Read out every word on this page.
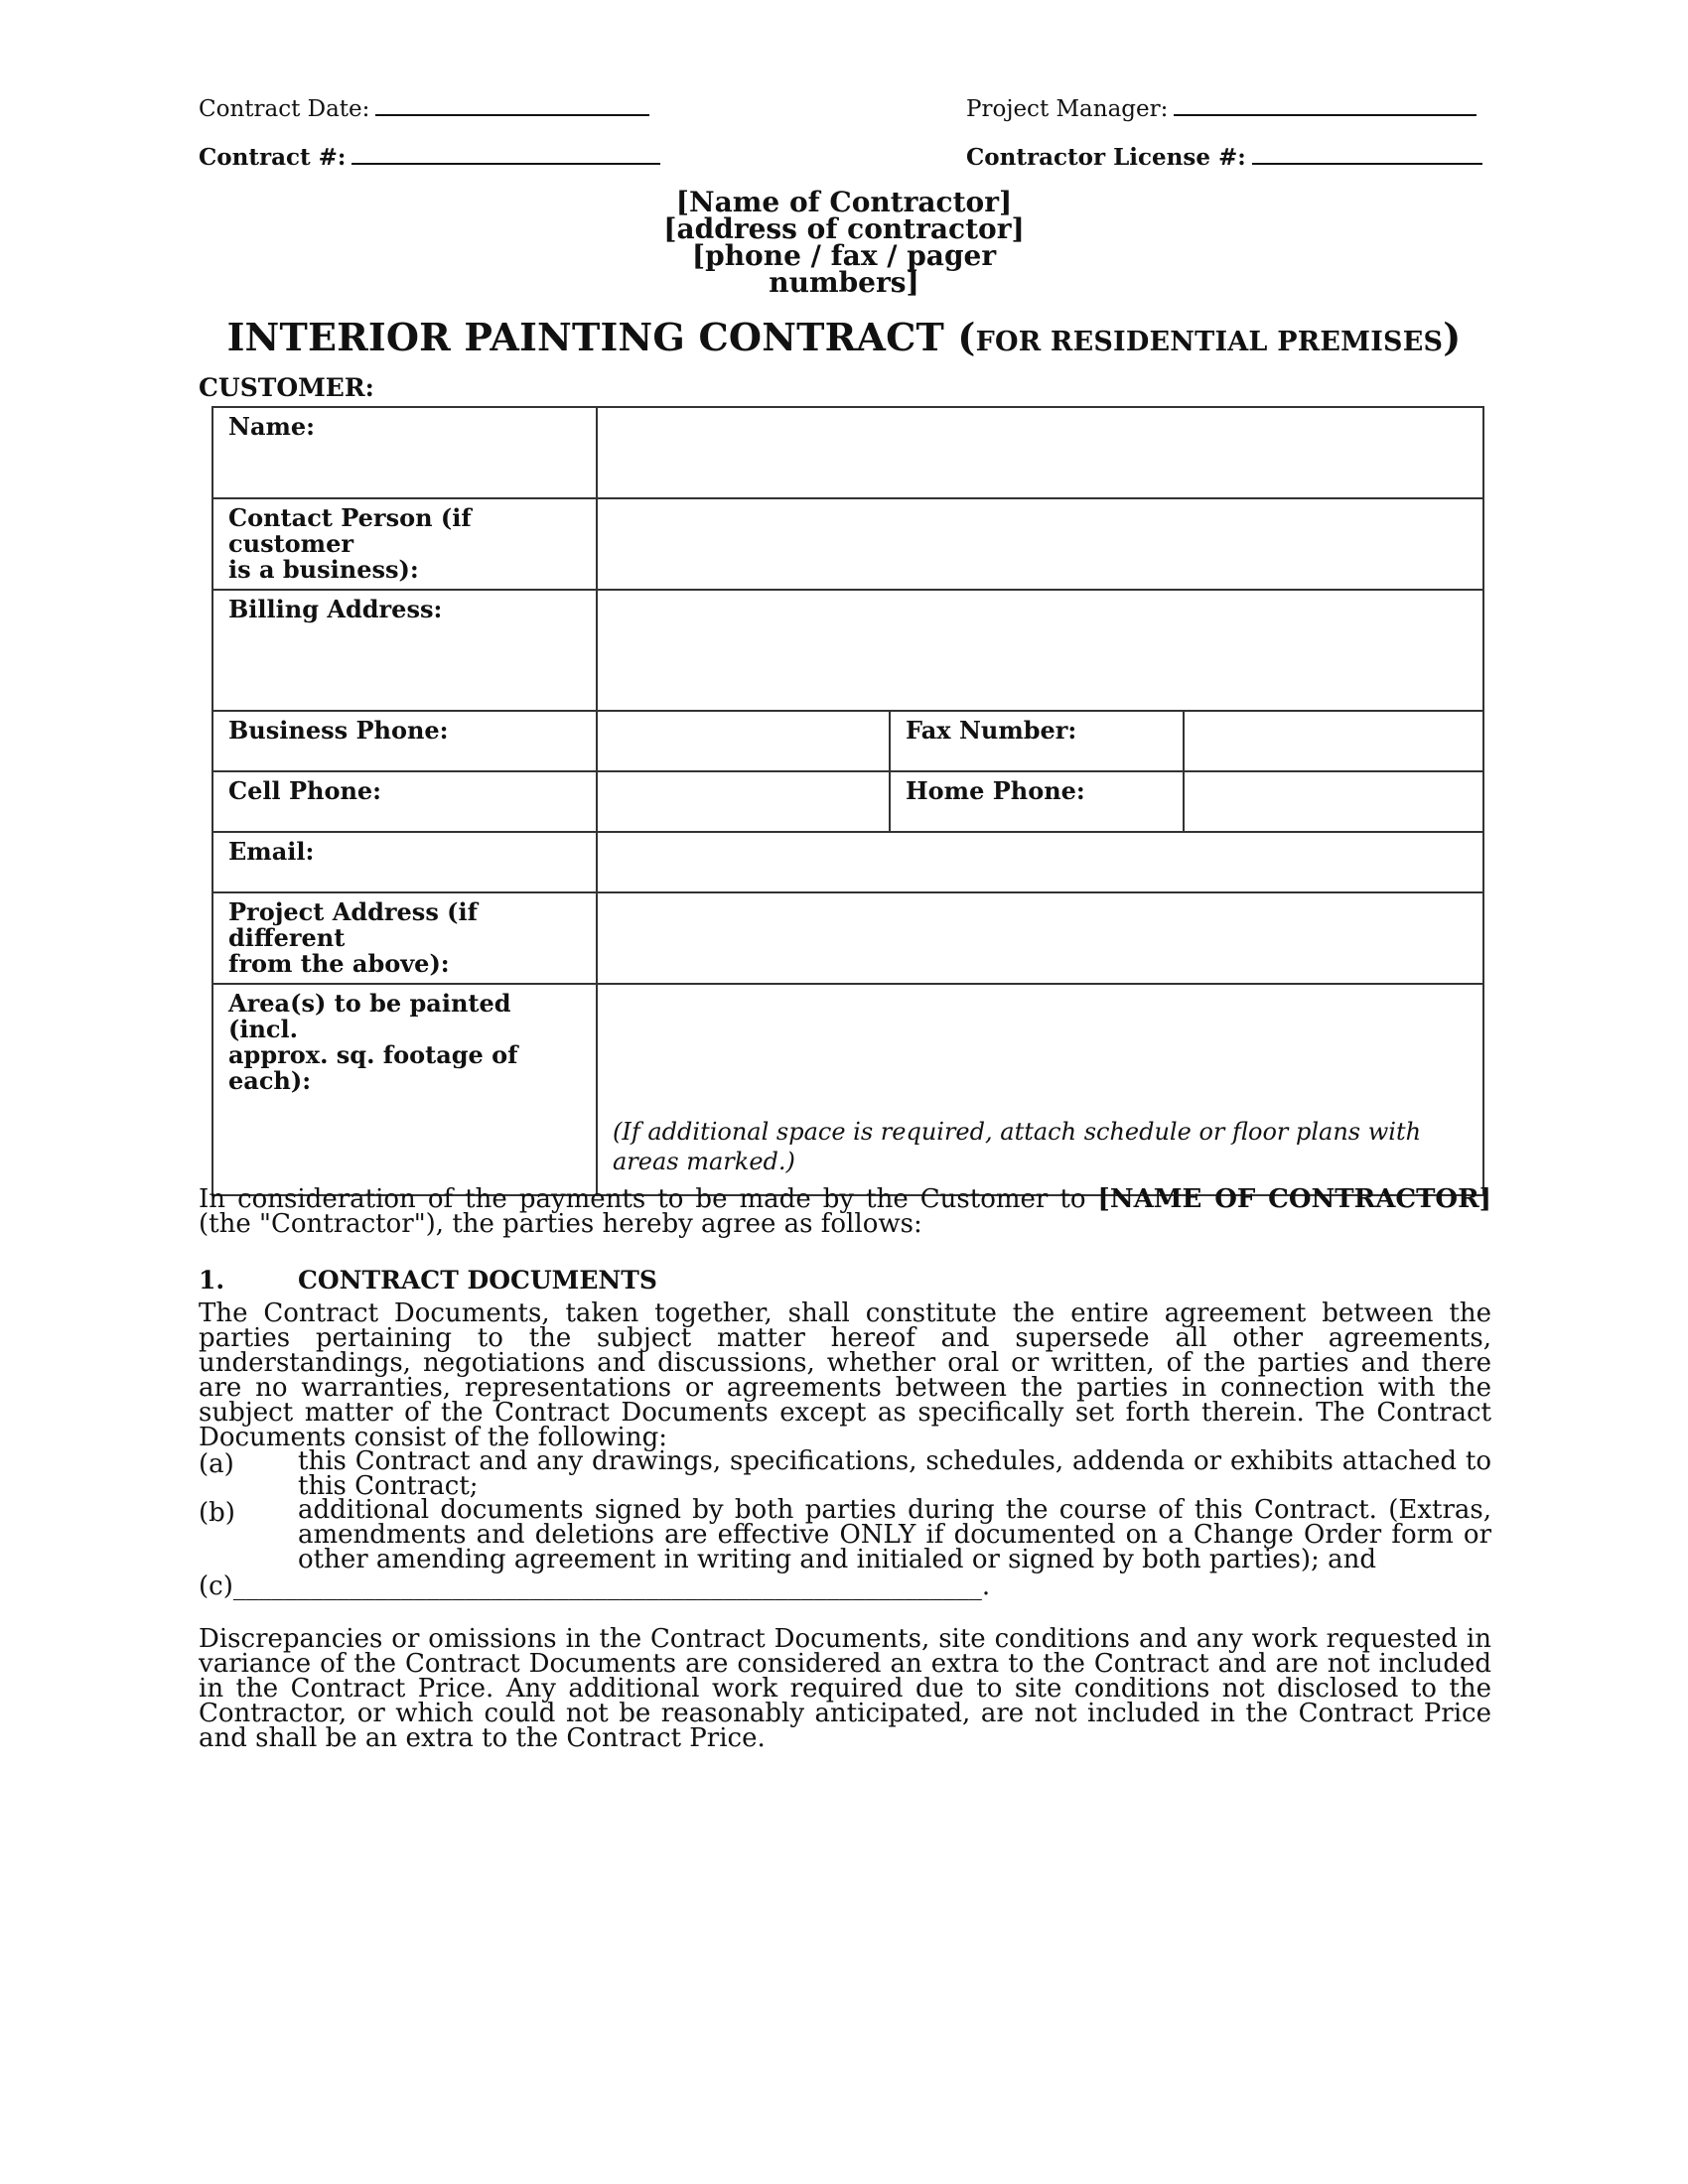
Contract Date:	Project Manager:
Contract #:	Contractor License #:
[Name of Contractor]
[address of contractor]
[phone / fax / pager
numbers]
INTERIOR PAINTING CONTRACT (FOR RESIDENTIAL PREMISES)
CUSTOMER:
Name:			

Contact Person (if customer
is a business):			

Billing Address:			
Business Phone:		Fax Number:	
Cell Phone:		Home Phone:	
Email:			

Project Address (if different
from the above):			

Area(s) to be painted (incl.
approx. sq. footage of each):	(If additional space is required, attach schedule or floor plans with areas marked.)		
In consideration of the payments to be made by the Customer to [NAME OF CONTRACTOR] (the "Contractor"), the parties hereby agree as follows:
1.	CONTRACT DOCUMENTS
The Contract Documents, taken together, shall constitute the entire agreement between the parties pertaining to the subject matter hereof and supersede all other agreements, understandings, negotiations and discussions, whether oral or written, of the parties and there are no warranties, representations or agreements between the parties in connection with the subject matter of the Contract Documents except as specifically set forth therein. The Contract Documents consist of the following:
(a) this Contract and any drawings, specifications, schedules, addenda or exhibits attached to this Contract;
(b) additional documents signed by both parties during the course of this Contract. (Extras, amendments and deletions are effective ONLY if documented on a Change Order form or other amending agreement in writing and initialed or signed by both parties); and
(c)__________________________________________________________.
Discrepancies or omissions in the Contract Documents, site conditions and any work requested in variance of the Contract Documents are considered an extra to the Contract and are not included in the Contract Price. Any additional work required due to site conditions not disclosed to the Contractor, or which could not be reasonably anticipated, are not included in the Contract Price and shall be an extra to the Contract Price.
